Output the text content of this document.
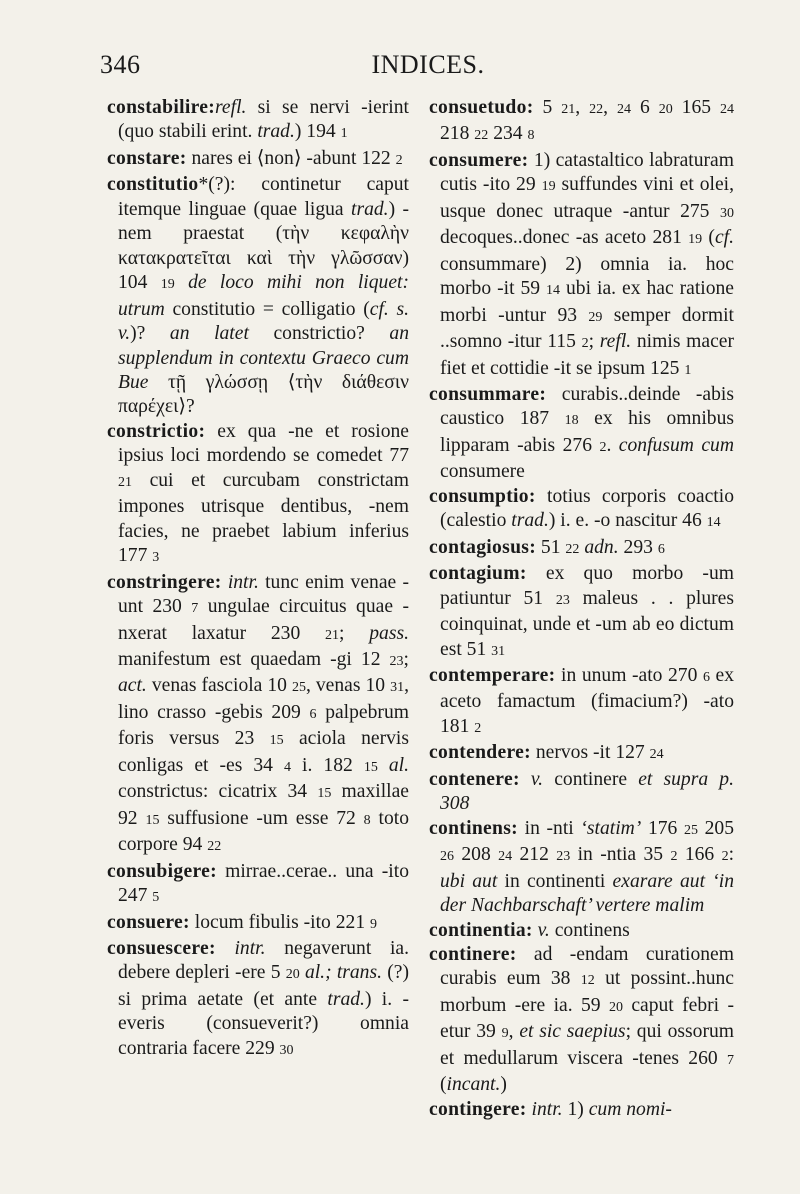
346	INDICES.

constabilire:refl. si se nervi -ierint (quo stabili erint. trad.) 194 1

constare: nares ei ⟨non⟩ -abunt 122 2

constitutio*(?): continetur caput itemque linguae (quae ligua trad.) -nem praestat (τὴν κεφαλὴν κατακρατεῖται καὶ τὴν γλῶσσαν) 104 19 de loco mihi non liquet: utrum constitutio = colligatio (cf. s. v.)? an latet constrictio? an supplendum in contextu Graeco cum Bue τῇ γλώσσῃ ⟨τὴν διάθεσιν παρέχει⟩?

constrictio: ex qua -ne et rosione ipsius loci mordendo se comedet 77 21 cui et curcubam constrictam impones utrisque dentibus, -nem facies, ne praebet labium inferius 177 3

constringere: intr. tunc enim venae -unt 230 7 ungulae circuitus quae -nxerat laxatur 230 21; pass. manifestum est quaedam -gi 12 23; act. venas fasciola 10 25, venas 10 31, lino crasso -gebis 209 6 palpebrum foris versus 23 15 aciola nervis conligas et -es 34 4 i. 182 15 al. constrictus: cicatrix 34 15 maxillae 92 15 suffusione -um esse 72 8 toto corpore 94 22

consubigere: mirrae..cerae.. una -ito 247 5

consuere: locum fibulis -ito 221 9

consuescere: intr. negaverunt ia. debere depleri -ere 5 20 al.; trans. (?) si prima aetate (et ante trad.) i. -everis (consueverit?) omnia contraria facere 229 30

consuetudo: 5 21, 22, 24 6 20 165 24 218 22 234 8

consumere: 1) catastaltico labraturam cutis -ito 29 19 suffundes vini et olei, usque donec utraque -antur 275 30 decoques..donec -as aceto 281 19 (cf. consummare) 2) omnia ia. hoc morbo -it 59 14 ubi ia. ex hac ratione morbi -untur 93 29 semper dormit ..somno -itur 115 2; refl. nimis macer fiet et cottidie -it se ipsum 125 1

consummare: curabis..deinde -abis caustico 187 18 ex his omnibus lipparam -abis 276 2. confusum cum consumere

consumptio: totius corporis coactio (calestio trad.) i. e. -o nascitur 46 14

contagiosus: 51 22 adn. 293 6

contagium: ex quo morbo -um patiuntur 51 23 maleus . . plures coinquinat, unde et -um ab eo dictum est 51 31

contemperare: in unum -ato 270 6 ex aceto famactum (fimacium?) -ato 181 2

contendere: nervos -it 127 24

contenere: v. continere et supra p. 308

continens: in -nti ‘statim’ 176 25 205 26 208 24 212 23 in -ntia 35 2 166 2: ubi aut in continenti exarare aut ‘in der Nachbarschaft’ vertere malim

continentia: v. continens

continere: ad -endam curationem curabis eum 38 12 ut possint..hunc morbum -ere ia. 59 20 caput febri -etur 39 9, et sic saepius; qui ossorum et medullarum viscera -tenes 260 7 (incant.)

contingere: intr. 1) cum nomi-
